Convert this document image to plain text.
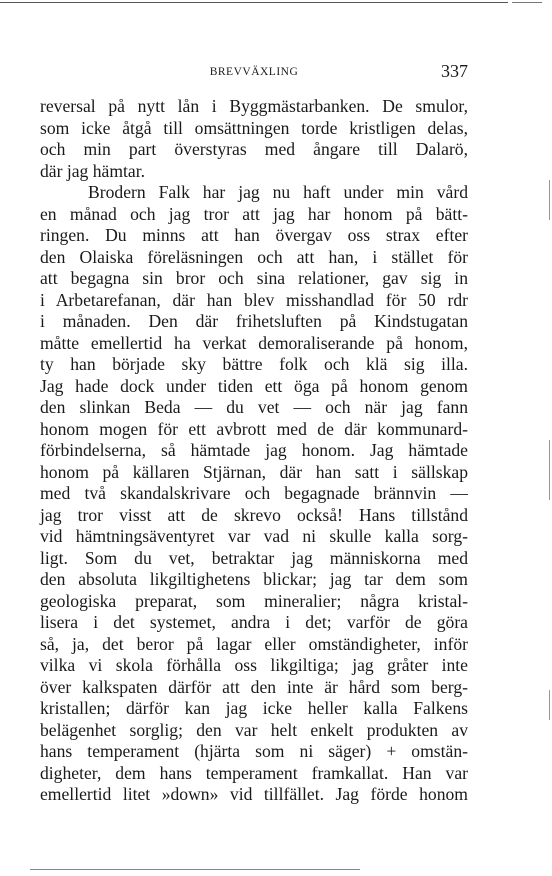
BREVVÄXLING	337
reversal på nytt lån i Byggmästarbanken. De smulor,
som icke åtgå till omsättningen torde kristligen delas,
och min part överstyras med ångare till Dalarö,
där jag hämtar.
Brodern Falk har jag nu haft under min vård
en månad och jag tror att jag har honom på bätt-
ringen. Du minns att han övergav oss strax efter
den Olaiska föreläsningen och att han, i stället för
att begagna sin bror och sina relationer, gav sig in
i Arbetarefanan, där han blev misshandlad för 50 rdr
i månaden. Den där frihetsluften på Kindstugatan
måtte emellertid ha verkat demoraliserande på honom,
ty han började sky bättre folk och klä sig illa.
Jag hade dock under tiden ett öga på honom genom
den slinkan Beda — du vet — och när jag fann
honom mogen för ett avbrott med de där kommunard-
förbindelserna, så hämtade jag honom. Jag hämtade
honom på källaren Stjärnan, där han satt i sällskap
med två skandalskrivare och begagnade brännvin —
jag tror visst att de skrevo också! Hans tillstånd
vid hämtningsäventyret var vad ni skulle kalla sorg-
ligt. Som du vet, betraktar jag människorna med
den absoluta likgiltighetens blickar; jag tar dem som
geologiska preparat, som mineralier; några kristal-
lisera i det systemet, andra i det; varför de göra
så, ja, det beror på lagar eller omständigheter, inför
vilka vi skola förhålla oss likgiltiga; jag gråter inte
över kalkspaten därför att den inte är hård som berg-
kristallen; därför kan jag icke heller kalla Falkens
belägenhet sorglig; den var helt enkelt produkten av
hans temperament (hjärta som ni säger) + omstän-
digheter, dem hans temperament framkallat. Han var
emellertid litet »down» vid tillfället. Jag förde honom
